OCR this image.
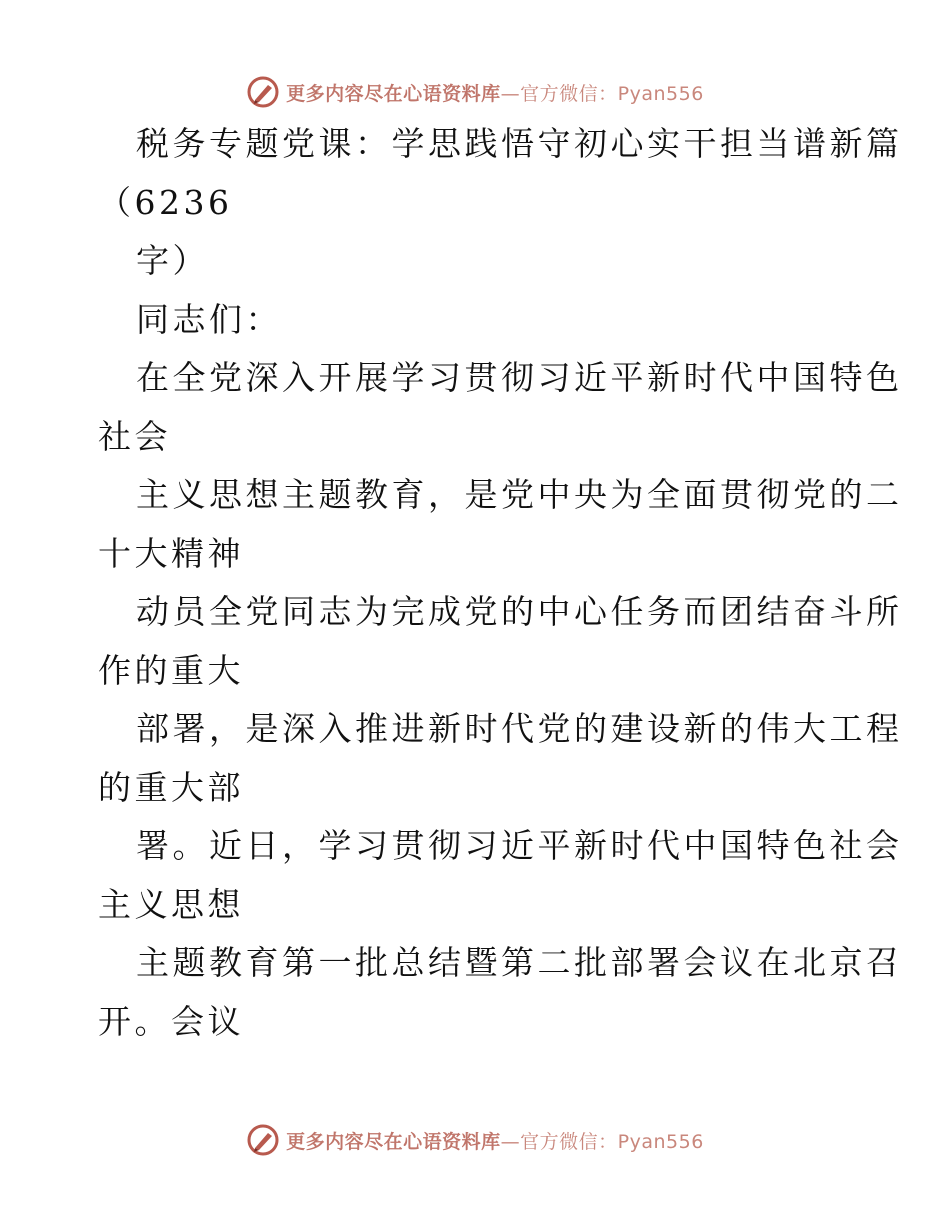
更多内容尽在心语资料库—官方微信：Pyan556
税务专题党课：学思践悟守初心实干担当谱新篇
（6236
字）
同志们：
在全党深入开展学习贯彻习近平新时代中国特色
社会
主义思想主题教育，是党中央为全面贯彻党的二
十大精神
动员全党同志为完成党的中心任务而团结奋斗所
作的重大
部署，是深入推进新时代党的建设新的伟大工程
的重大部
署。近日，学习贯彻习近平新时代中国特色社会
主义思想
主题教育第一批总结暨第二批部署会议在北京召
开。会议
更多内容尽在心语资料库—官方微信：Pyan556
